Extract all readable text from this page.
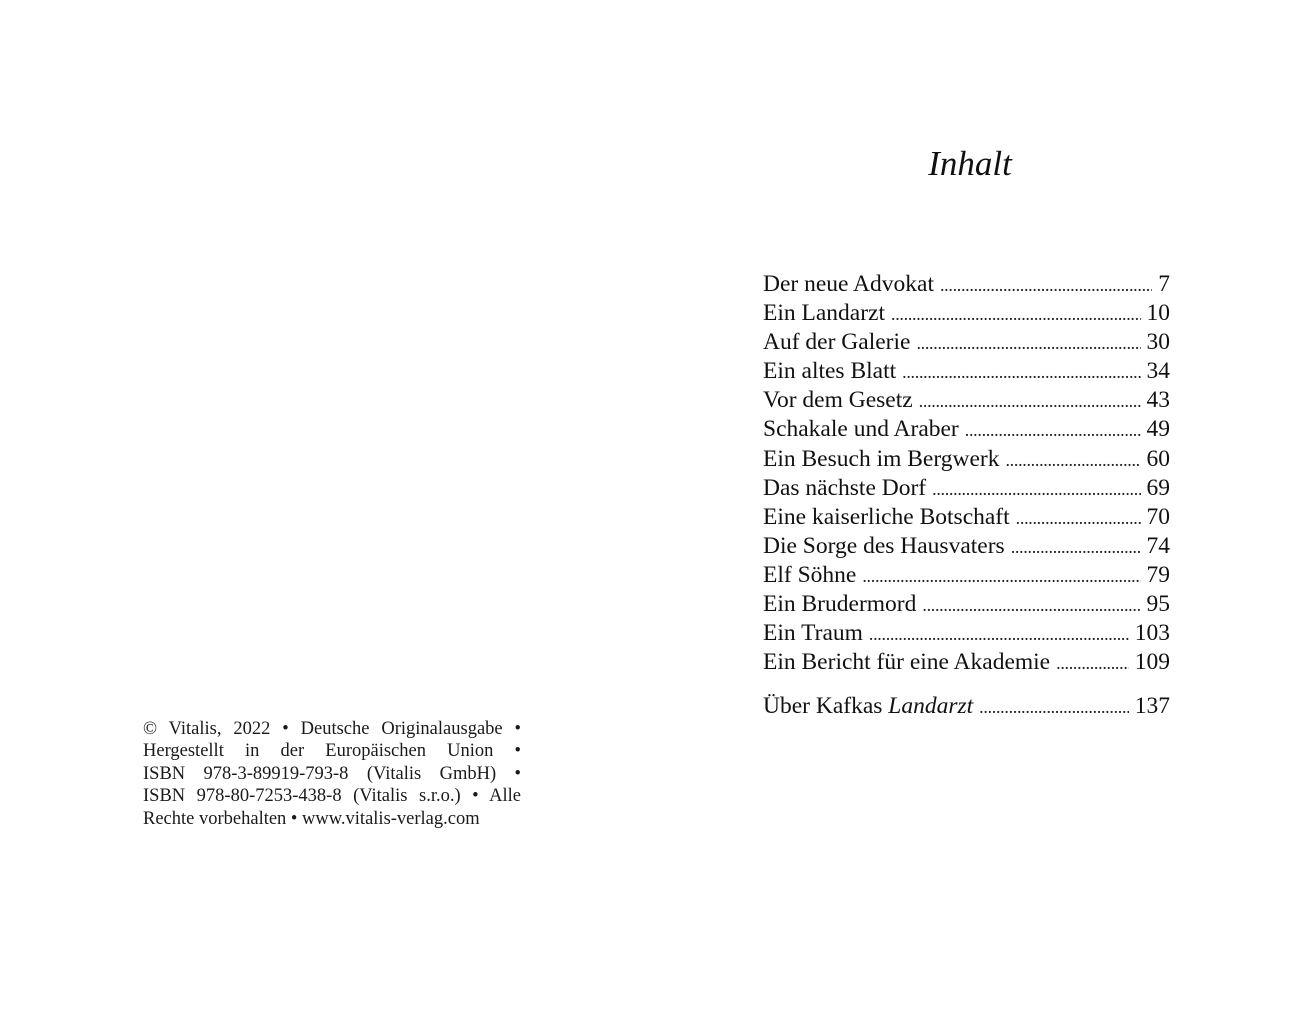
© Vitalis, 2022 • Deutsche Originalausgabe •
Hergestellt in der Europäischen Union •
ISBN 978-3-89919-793-8 (Vitalis GmbH) •
ISBN 978-80-7253-438-8 (Vitalis s.r.o.) • Alle
Rechte vorbehalten • www.vitalis-verlag.com
Inhalt
Der neue Advokat . . .	7
Ein Landarzt . . .	10
Auf der Galerie . . .	30
Ein altes Blatt . . .	34
Vor dem Gesetz . . .	43
Schakale und Araber . . .	49
Ein Besuch im Bergwerk . . .	60
Das nächste Dorf . . .	69
Eine kaiserliche Botschaft . . .	70
Die Sorge des Hausvaters . . .	74
Elf Söhne . . .	79
Ein Brudermord . . .	95
Ein Traum . . .	103
Ein Bericht für eine Akademie . . .	109
Über Kafkas Landarzt . . .	137
